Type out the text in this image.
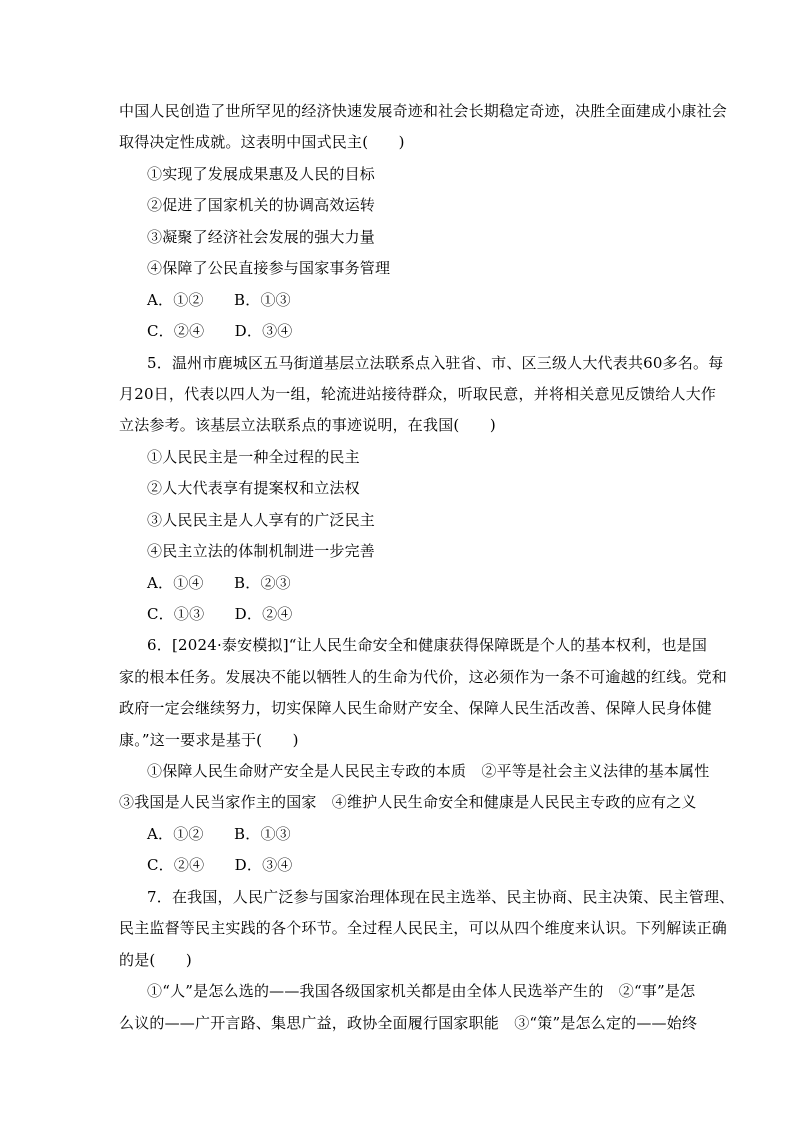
中国人民创造了世所罕见的经济快速发展奇迹和社会长期稳定奇迹，决胜全面建成小康社会
取得决定性成就。这表明中国式民主(　　)
①实现了发展成果惠及人民的目标
②促进了国家机关的协调高效运转
③凝聚了经济社会发展的强大力量
④保障了公民直接参与国家事务管理
A．①②　　B．①③
C．②④　　D．③④
5．温州市鹿城区五马街道基层立法联系点入驻省、市、区三级人大代表共60多名。每
月20日，代表以四人为一组，轮流进站接待群众，听取民意，并将相关意见反馈给人大作
立法参考。该基层立法联系点的事迹说明，在我国(　　)
①人民民主是一种全过程的民主
②人大代表享有提案权和立法权
③人民民主是人人享有的广泛民主
④民主立法的体制机制进一步完善
A．①④　　B．②③
C．①③　　D．②④
6．[2024·泰安模拟]“让人民生命安全和健康获得保障既是个人的基本权利，也是国
家的根本任务。发展决不能以牺牲人的生命为代价，这必须作为一条不可逾越的红线。党和
政府一定会继续努力，切实保障人民生命财产安全、保障人民生活改善、保障人民身体健
康。”这一要求是基于(　　)
①保障人民生命财产安全是人民民主专政的本质　②平等是社会主义法律的基本属性
③我国是人民当家作主的国家　④维护人民生命安全和健康是人民民主专政的应有之义
A．①②　　B．①③
C．②④　　D．③④
7．在我国，人民广泛参与国家治理体现在民主选举、民主协商、民主决策、民主管理、
民主监督等民主实践的各个环节。全过程人民民主，可以从四个维度来认识。下列解读正确
的是(　　)
①“人”是怎么选的——我国各级国家机关都是由全体人民选举产生的　②“事”是怎
么议的——广开言路、集思广益，政协全面履行国家职能　③“策”是怎么定的——始终
